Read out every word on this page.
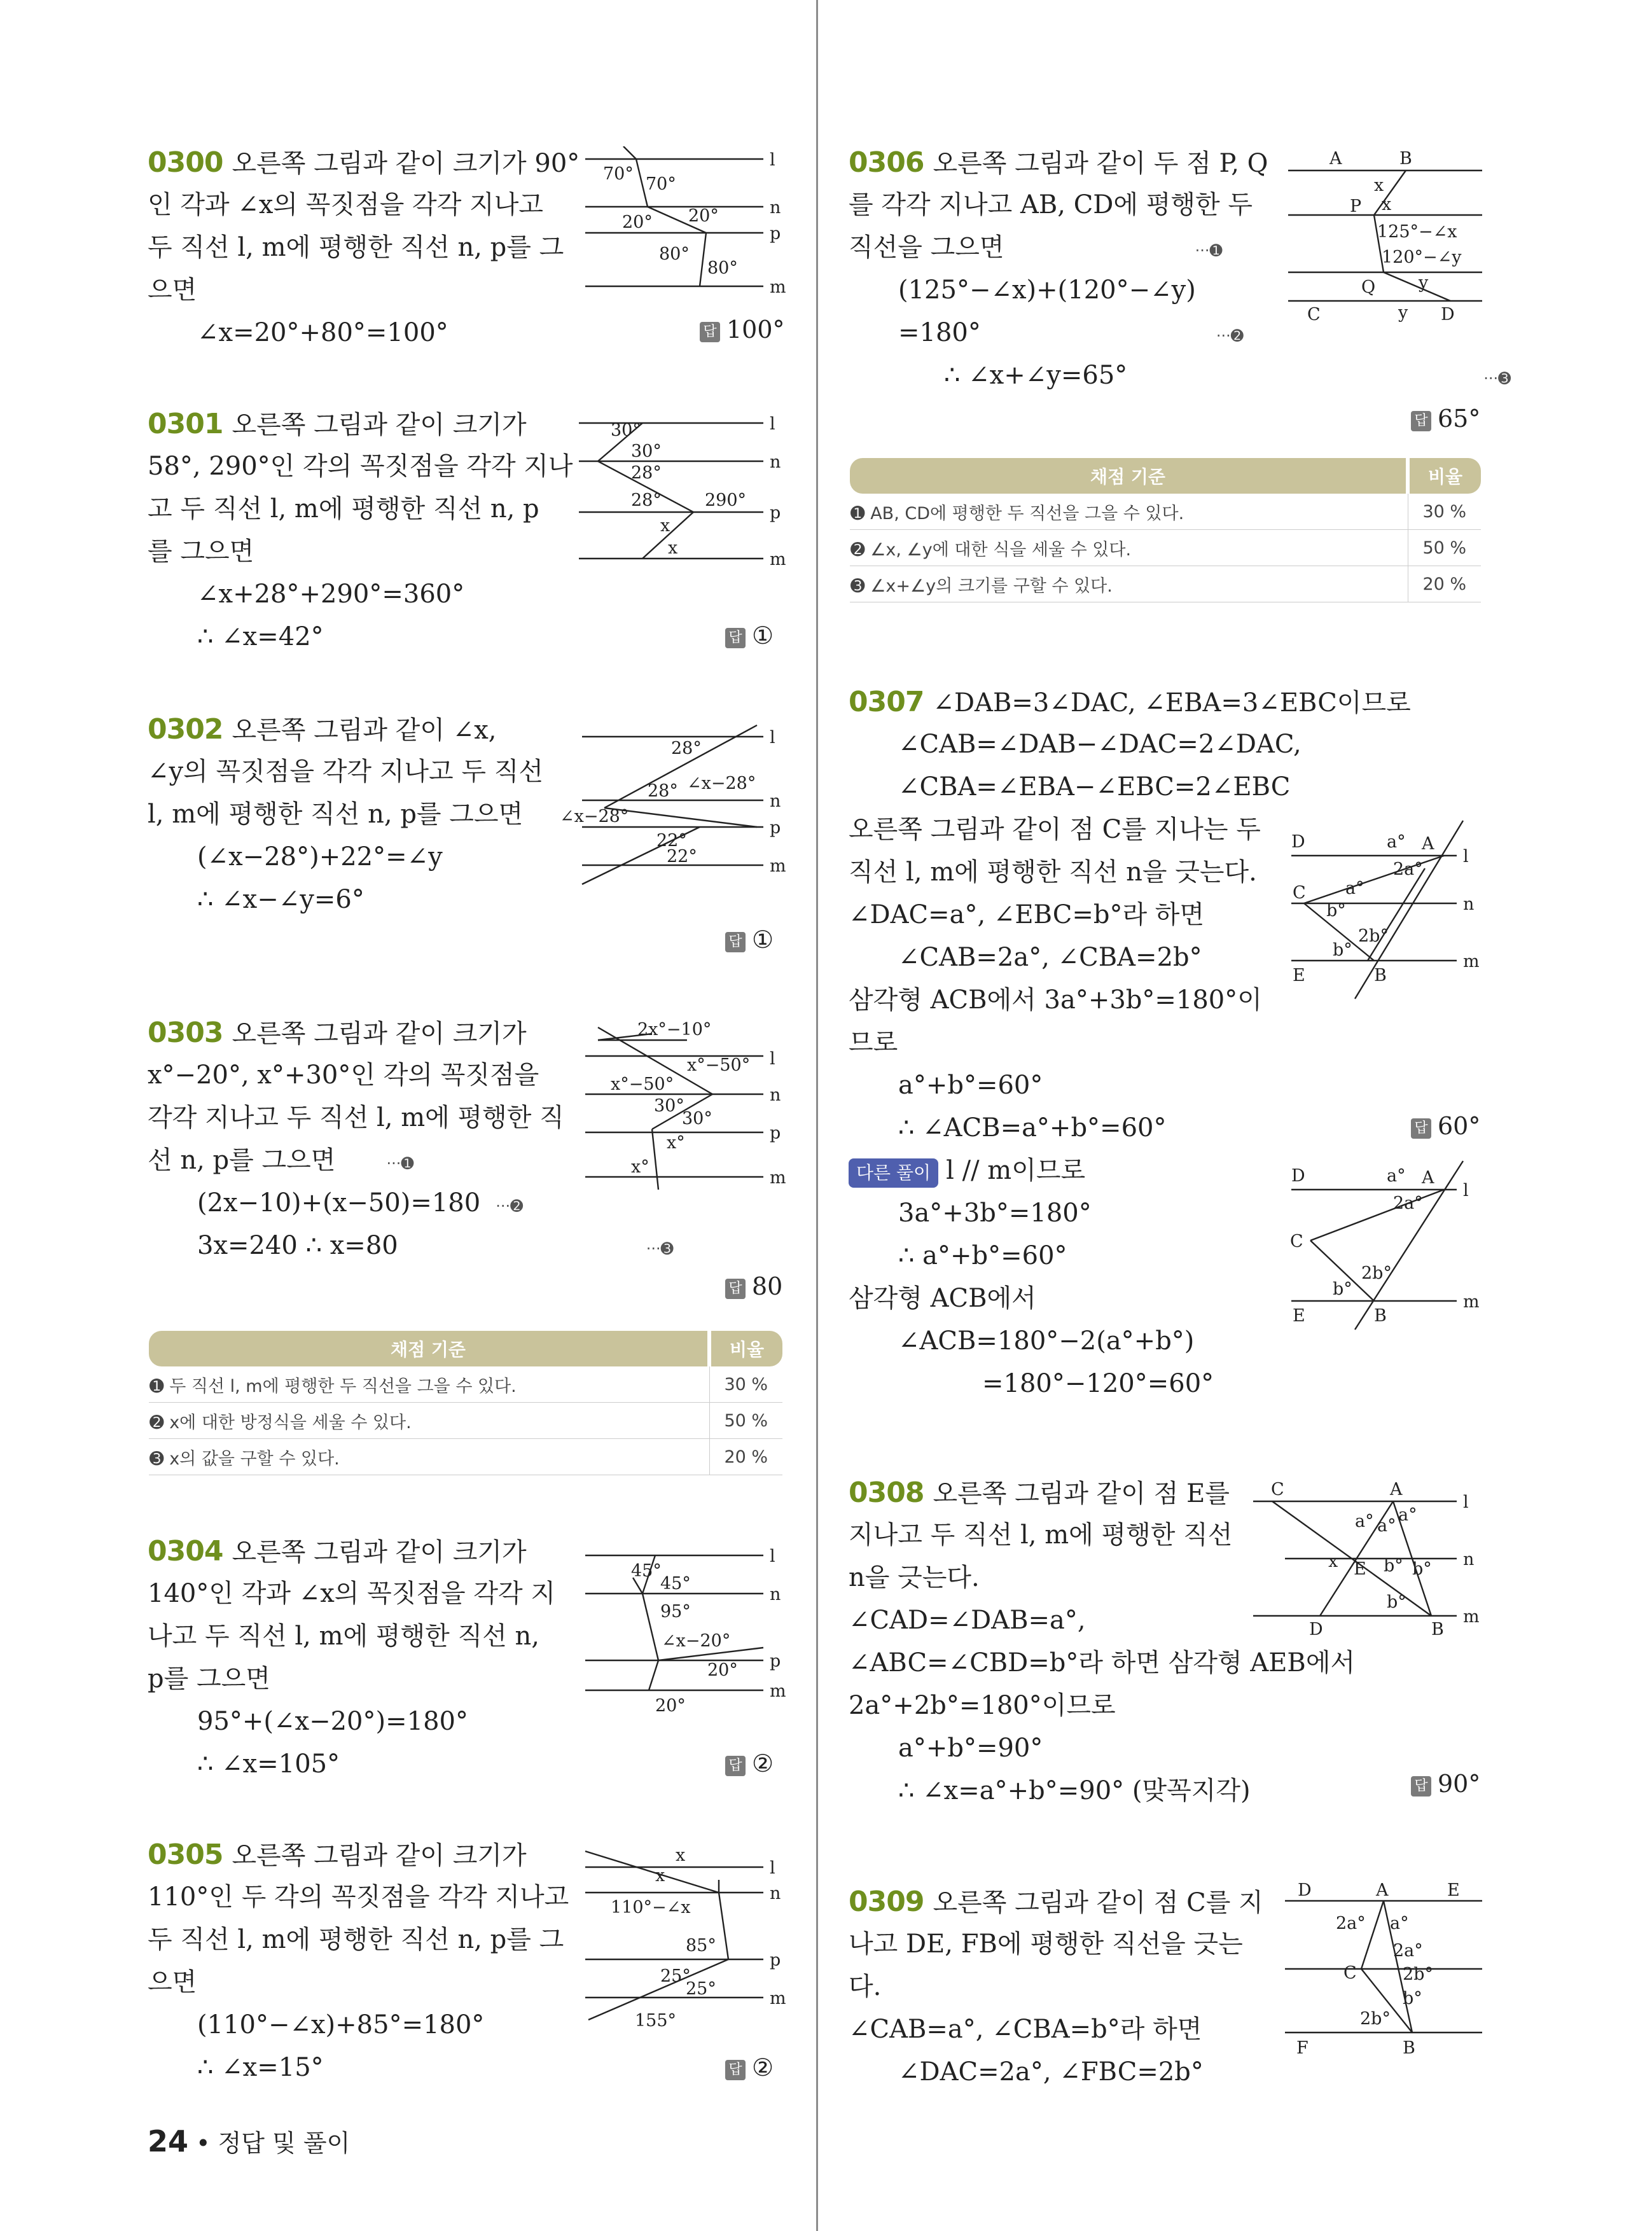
0300 오른쪽 그림과 같이 크기가 90°
인 각과 ∠x의 꼭짓점을 각각 지나고
두 직선 l, m에 평행한 직선 n, p를 그
으면
∠x=20°+80°=100°	답 100°
l
n
p
m
70°
70°
20° 20°
80°
80°
0301 오른쪽 그림과 같이 크기가
58°, 290°인 각의 꼭짓점을 각각 지나
고 두 직선 l, m에 평행한 직선 n, p
를 그으면
∠x+28°+290°=360°
∴ ∠x=42°	답 ①
l
n
p
m
30°
30°
28°
28°	290°
x
x
0302 오른쪽 그림과 같이 ∠x,
∠y의 꼭짓점을 각각 지나고 두 직선
l, m에 평행한 직선 n, p를 그으면
(∠x−28°)+22°=∠y
∴ ∠x−∠y=6°
답 ①
l
n
p
m
28°
28° ∠x−28°
∠x−28°
22°
22°
0303 오른쪽 그림과 같이 크기가
x°−20°, x°+30°인 각의 꼭짓점을
각각 지나고 두 직선 l, m에 평행한 직
선 n, p를 그으면	···➊
(2x−10)+(x−50)=180 ···➋
3x=240 ∴ x=80	···➌
답 80
2x°−10°
x°−50°
x°−50°
30°
30°
x°
x°
l
n
p
m
채점 기준	비율
➊ 두 직선 l, m에 평행한 두 직선을 그을 수 있다.	30 %
➋ x에 대한 방정식을 세울 수 있다.	50 %
➌ x의 값을 구할 수 있다.	20 %
0304 오른쪽 그림과 같이 크기가
140°인 각과 ∠x의 꼭짓점을 각각 지
나고 두 직선 l, m에 평행한 직선 n,
p를 그으면
95°+(∠x−20°)=180°
∴ ∠x=105°	답 ②
l
n
p
m
45°
45°
95°
∠x−20°
20°
20°
0305 오른쪽 그림과 같이 크기가
110°인 두 각의 꼭짓점을 각각 지나고
두 직선 l, m에 평행한 직선 n, p를 그
으면
(110°−∠x)+85°=180°
∴ ∠x=15°	답 ②
l
n
p
m
x
x
110°−∠x
85°
25°
25°
155°
0306 오른쪽 그림과 같이 두 점 P, Q
를 각각 지나고 AB, CD에 평행한 두
직선을 그으면	···➊
(125°−∠x)+(120°−∠y)
=180°	···➋
∴ ∠x+∠y=65°	···➌
답 65°
A	B
P
Q
C	D
x
x
125°−∠x
120°−∠y
y
y
채점 기준	비율
➊ AB, CD에 평행한 두 직선을 그을 수 있다.	30 %
➋ ∠x, ∠y에 대한 식을 세울 수 있다.	50 %
➌ ∠x+∠y의 크기를 구할 수 있다.	20 %
0307 ∠DAB=3∠DAC, ∠EBA=3∠EBC이므로
∠CAB=∠DAB−∠DAC=2∠DAC,
∠CBA=∠EBA−∠EBC=2∠EBC
오른쪽 그림과 같이 점 C를 지나는 두
직선 l, m에 평행한 직선 n을 긋는다.
∠DAC=a°, ∠EBC=b°라 하면
∠CAB=2a°, ∠CBA=2b°
삼각형 ACB에서 3a°+3b°=180°이
므로
a°+b°=60°
∴ ∠ACB=a°+b°=60°
다른 풀이 l // m이므로
3a°+3b°=180°
∴ a°+b°=60°
삼각형 ACB에서
∠ACB=180°−2(a°+b°)
=180°−120°=60°
답 60°
D	a° A
l
2a°
C a°
n
b°
2b°
b°
E	B
m
D	a° A
l
2a°
C
2b°
b°
E	B
m
0308 오른쪽 그림과 같이 점 E를
지나고 두 직선 l, m에 평행한 직선
n을 긋는다.
∠CAD=∠DAB=a°,
∠ABC=∠CBD=b°라 하면 삼각형 AEB에서
2a°+2b°=180°이므로
a°+b°=90°
∴ ∠x=a°+b°=90° (맞꼭지각)	답 90°
C	A
l
a° a°
a°
x E b° b° n
b°
D	B
m
0309 오른쪽 그림과 같이 점 C를 지
나고 DE, FB에 평행한 직선을 긋는
다.
∠CAB=a°, ∠CBA=b°라 하면
∠DAC=2a°, ∠FBC=2b°
D	A	E
2a° a°
2a°
C	2b°
b°
2b°
F	B
24 • 정답 및 풀이
